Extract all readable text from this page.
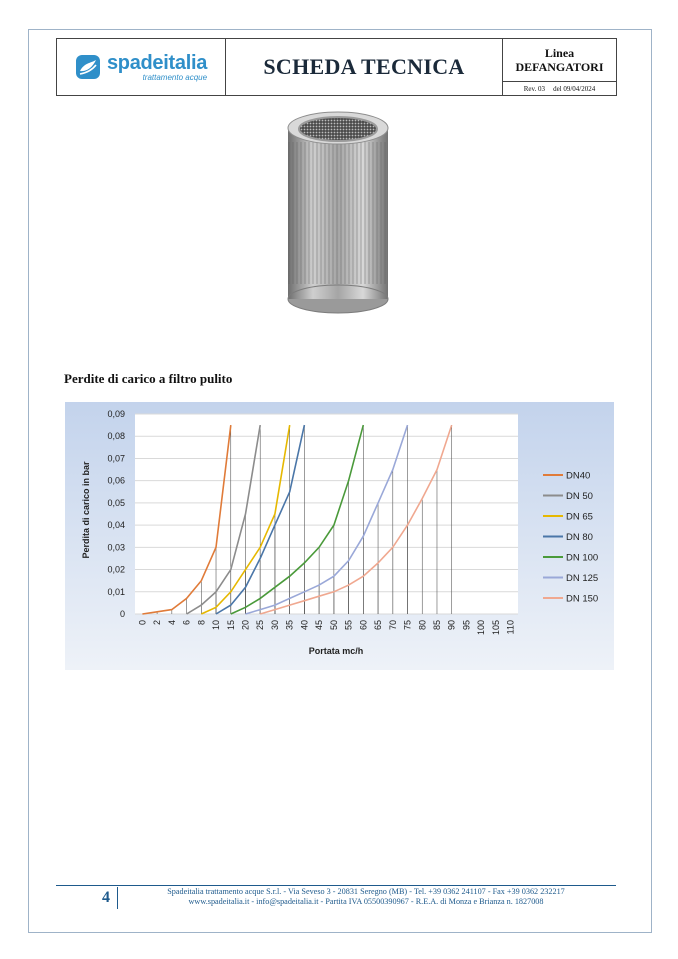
spadeitalia
trattamento acque	SCHEDA TECNICA
Linea
DEFANGATORI
Rev. 03 del 09/04/2024
Perdite di carico a filtro pulito
0
0,01
0,02
0,03
0,04
0,05
0,06
0,07
0,08
0,09
0 2 4 6 8 10 15 20 25 30 35 40 45 50 55 60 65 70 75 80 85 90 95 100 105 110
DN40
DN 50
DN 65
DN 80
DN 100
DN 125
DN 150
Perdita di carico in bar
Portata mc/h
4	Spadeitalia trattamento acque S.r.l. - Via Seveso 3 - 20831 Seregno (MB) - Tel. +39 0362 241107 - Fax +39 0362 232217
www.spadeitalia.it - info@spadeitalia.it - Partita IVA 05500390967 - R.E.A. di Monza e Brianza n. 1827008
